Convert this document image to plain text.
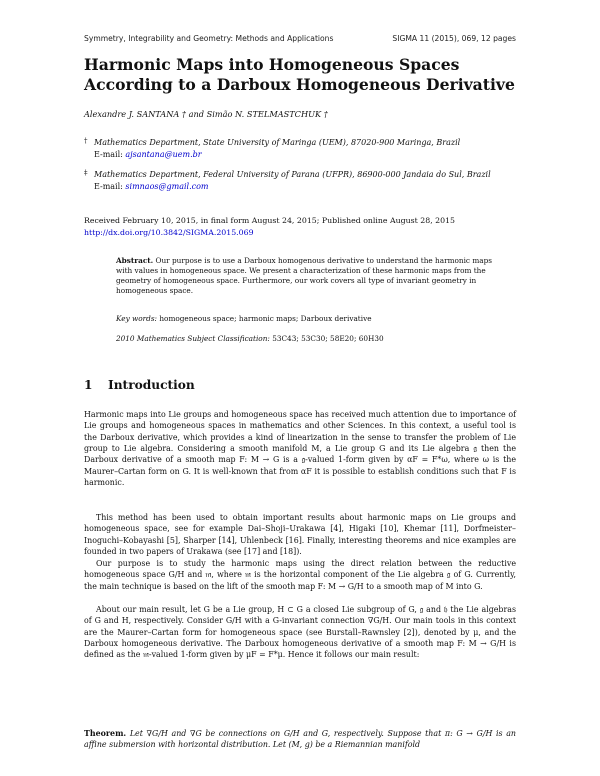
Symmetry, Integrability and Geometry: Methods and Applications	SIGMA 11 (2015), 069, 12 pages
Harmonic Maps into Homogeneous Spaces
According to a Darboux Homogeneous Derivative
Alexandre J. SANTANA † and Simão N. STELMASTCHUK †
† Mathematics Department, State University of Maringa (UEM), 87020-900 Maringa, Brazil
E-mail: ajsantana@uem.br
‡ Mathematics Department, Federal University of Parana (UFPR), 86900-000 Jandaia do Sul, Brazil
E-mail: simnaos@gmail.com
Received February 10, 2015, in final form August 24, 2015; Published online August 28, 2015
http://dx.doi.org/10.3842/SIGMA.2015.069
Abstract. Our purpose is to use a Darboux homogenous derivative to understand the harmonic maps with values in homogeneous space. We present a characterization of these harmonic maps from the geometry of homogeneous space. Furthermore, our work covers all type of invariant geometry in homogeneous space.
Key words: homogeneous space; harmonic maps; Darboux derivative
2010 Mathematics Subject Classification: 53C43; 53C30; 58E20; 60H30
1 Introduction

Harmonic maps into Lie groups and homogeneous space has received much attention due to importance of Lie groups and homogeneous spaces in mathematics and other Sciences. In this context, a useful tool is the Darboux derivative, which provides a kind of linearization in the sense to transfer the problem of Lie group to Lie algebra. Considering a smooth manifold M, a Lie group G and its Lie algebra 𝔤 then the Darboux derivative of a smooth map F: M → G is a 𝔤-valued 1-form given by αF = F*ω, where ω is the Maurer–Cartan form on G. It is well-known that from αF it is possible to establish conditions such that F is harmonic.

This method has been used to obtain important results about harmonic maps on Lie groups and homogeneous space, see for example Dai–Shoji–Urakawa [4], Higaki [10], Khemar [11], Dorfmeister–Inoguchi–Kobayashi [5], Sharper [14], Uhlenbeck [16]. Finally, interesting theorems and nice examples are founded in two papers of Urakawa (see [17] and [18]).

Our purpose is to study the harmonic maps using the direct relation between the reductive homogeneous space G/H and 𝔪, where 𝔪 is the horizontal component of the Lie algebra 𝔤 of G. Currently, the main technique is based on the lift of the smooth map F: M → G/H to a smooth map of M into G.

About our main result, let G be a Lie group, H ⊂ G a closed Lie subgroup of G, 𝔤 and 𝔥 the Lie algebras of G and H, respectively. Consider G/H with a G-invariant connection ∇G/H. Our main tools in this context are the Maurer–Cartan form for homogeneous space (see Burstall–Rawnsley [2]), denoted by μ, and the Darboux homogeneous derivative. The Darboux homogeneous derivative of a smooth map F: M → G/H is defined as the 𝔪-valued 1-form given by μF = F*μ. Hence it follows our main result:

Theorem. Let ∇G/H and ∇G be connections on G/H and G, respectively. Suppose that π: G → G/H is an affine submersion with horizontal distribution. Let (M, g) be a Riemannian manifold
